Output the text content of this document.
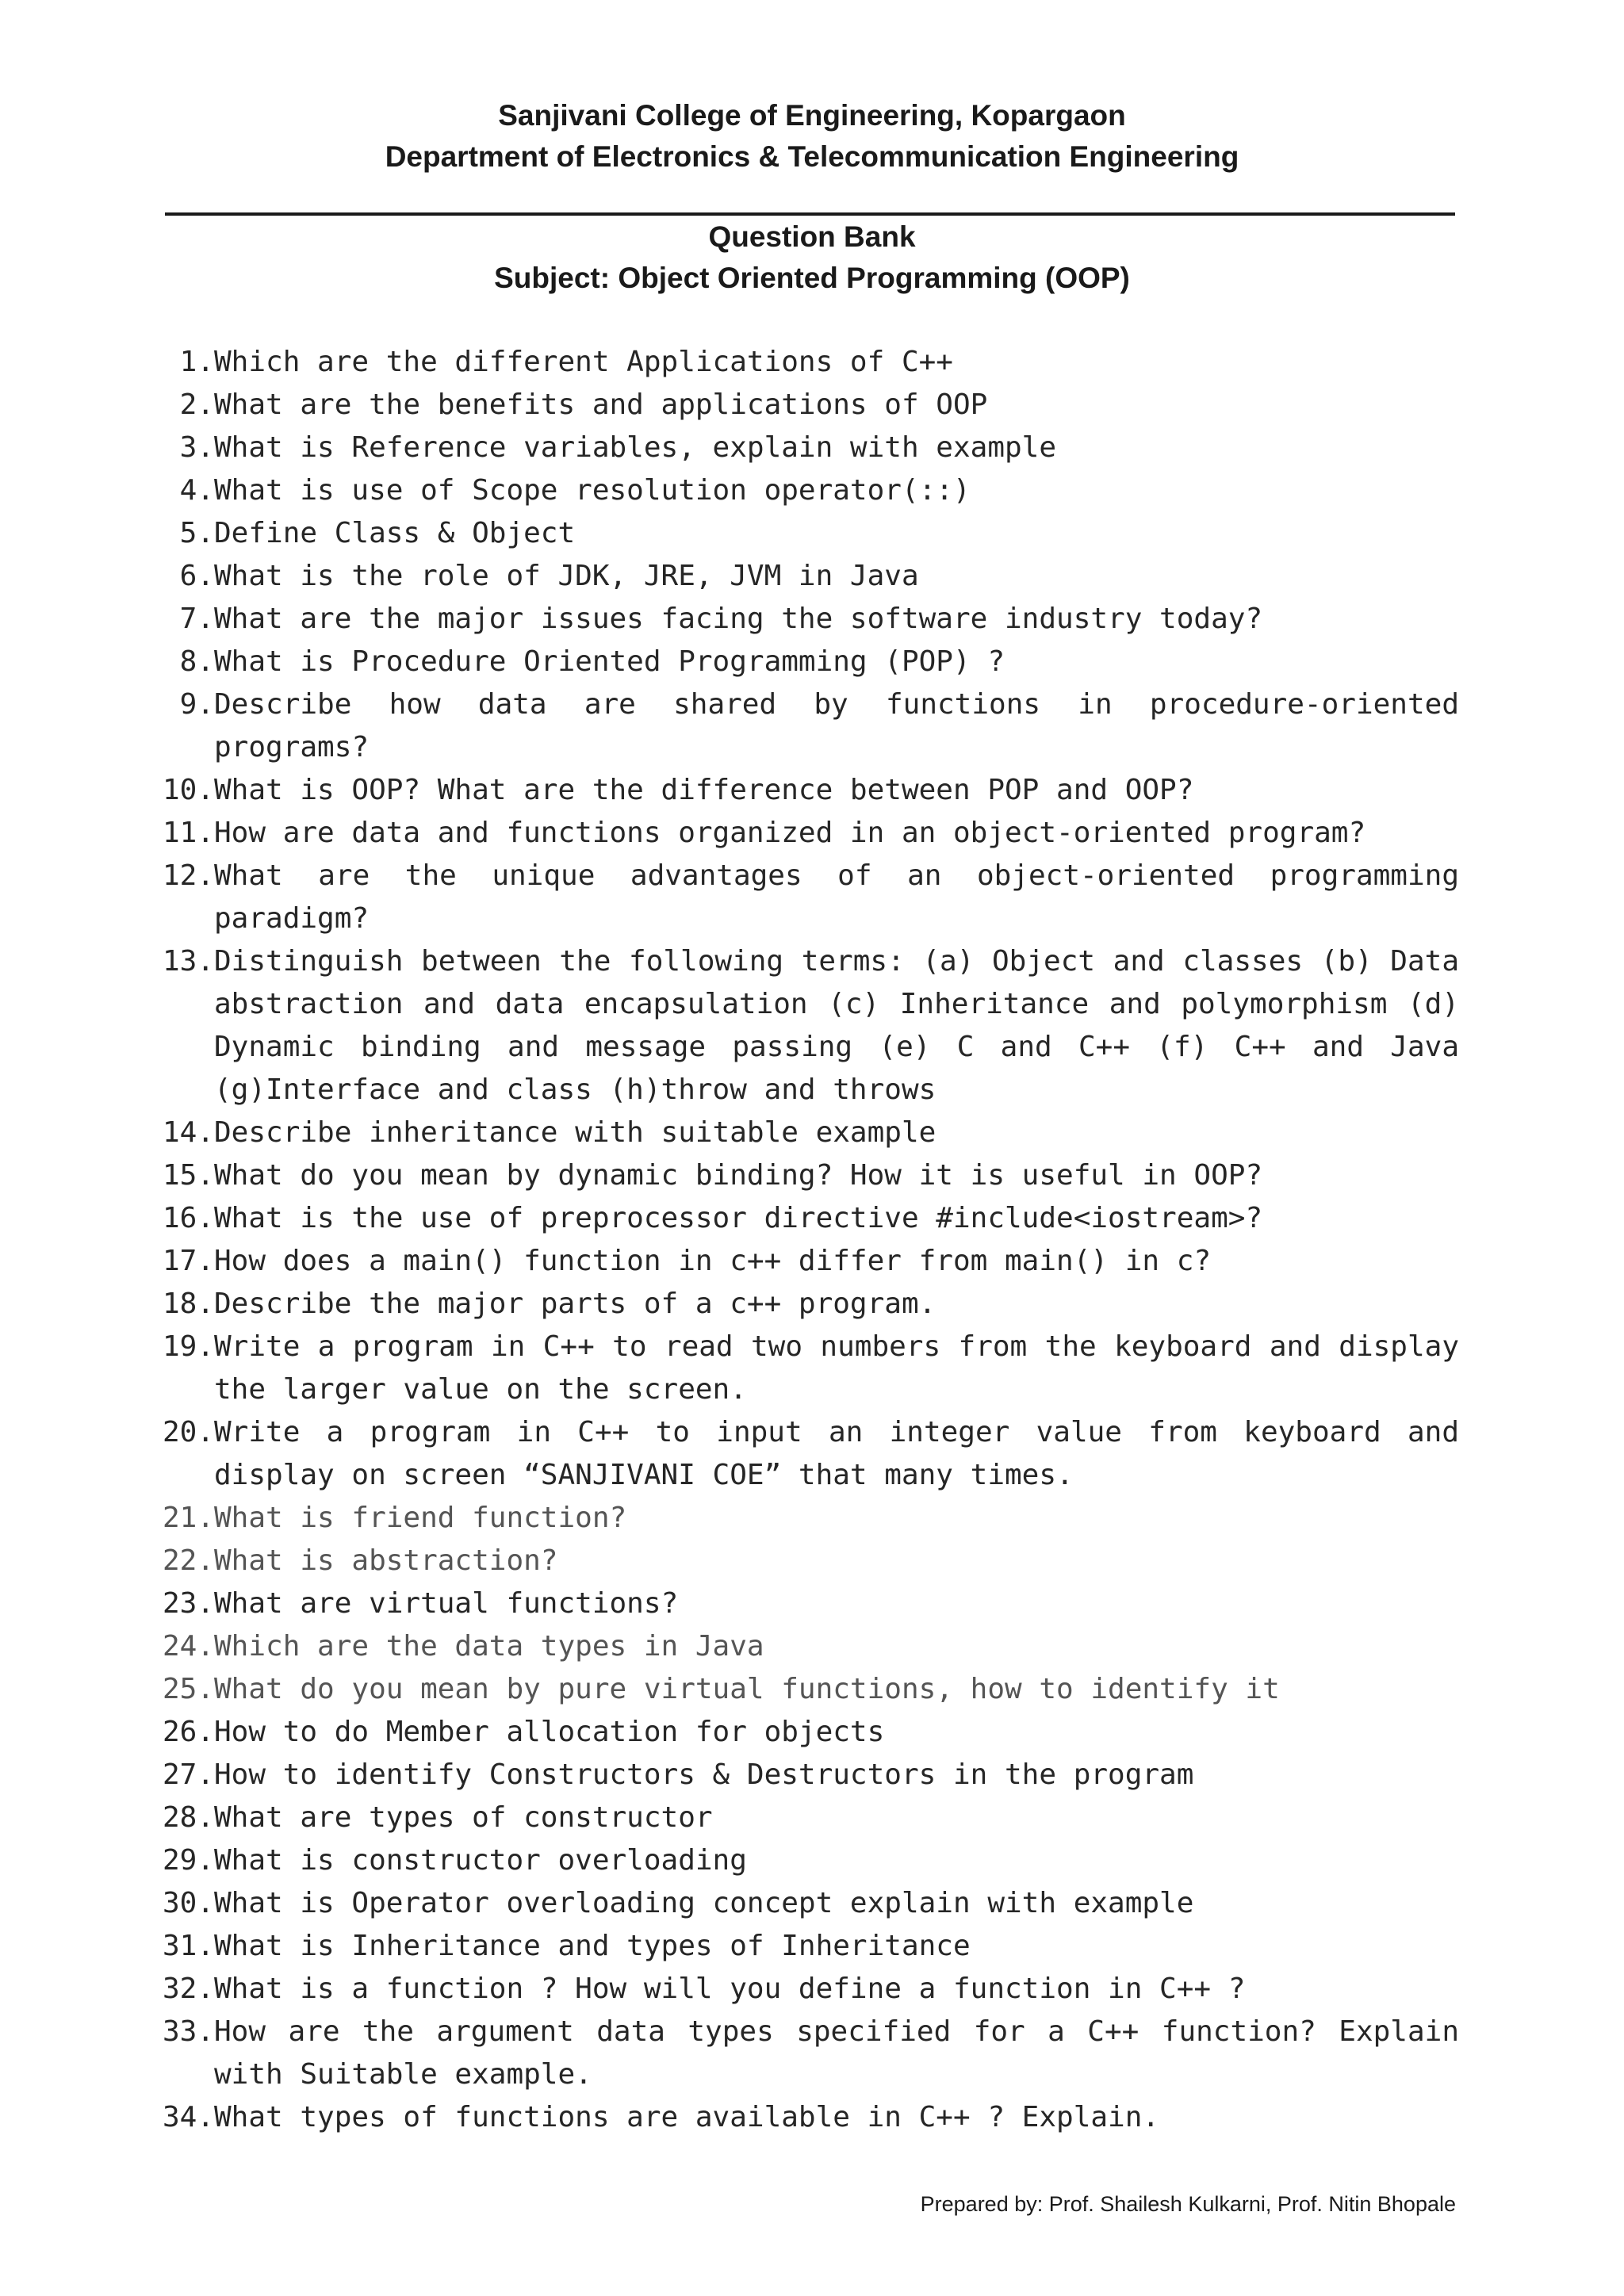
Sanjivani College of Engineering, Kopargaon
Department of Electronics & Telecommunication Engineering
Question Bank
Subject: Object Oriented Programming (OOP)
1. Which are the different Applications of C++
2. What are the benefits and applications of OOP
3. What is Reference variables, explain with example
4. What is use of Scope resolution operator(::)
5. Define Class & Object
6. What is the role of JDK, JRE, JVM in Java
7. What are the major issues facing the software industry today?
8. What is Procedure Oriented Programming (POP) ?
9. Describe how data are shared by functions in procedure-oriented programs?
10. What is OOP? What are the difference between POP and OOP?
11. How are data and functions organized in an object-oriented program?
12. What are the unique advantages of an object-oriented programming paradigm?
13. Distinguish between the following terms: (a) Object and classes (b) Data abstraction and data encapsulation (c) Inheritance and polymorphism (d) Dynamic binding and message passing (e) C and C++ (f) C++ and Java (g)Interface and class (h)throw and throws
14. Describe inheritance with suitable example
15. What do you mean by dynamic binding? How it is useful in OOP?
16. What is the use of preprocessor directive #include<iostream>?
17. How does a main() function in c++ differ from main() in c?
18. Describe the major parts of a c++ program.
19. Write a program in C++ to read two numbers from the keyboard and display the larger value on the screen.
20. Write a program in C++ to input an integer value from keyboard and display on screen “SANJIVANI COE” that many times.
21. What is friend function?
22. What is abstraction?
23. What are virtual functions?
24. Which are the data types in Java
25. What do you mean by pure virtual functions, how to identify it
26. How to do Member allocation for objects
27. How to identify Constructors & Destructors in the program
28. What are types of constructor
29. What is constructor overloading
30. What is Operator overloading concept explain with example
31. What is Inheritance and types of Inheritance
32. What is a function ? How will you define a function in C++ ?
33. How are the argument data types specified for a C++ function? Explain with Suitable example.
34. What types of functions are available in C++ ? Explain.
Prepared by: Prof. Shailesh Kulkarni, Prof. Nitin Bhopale
